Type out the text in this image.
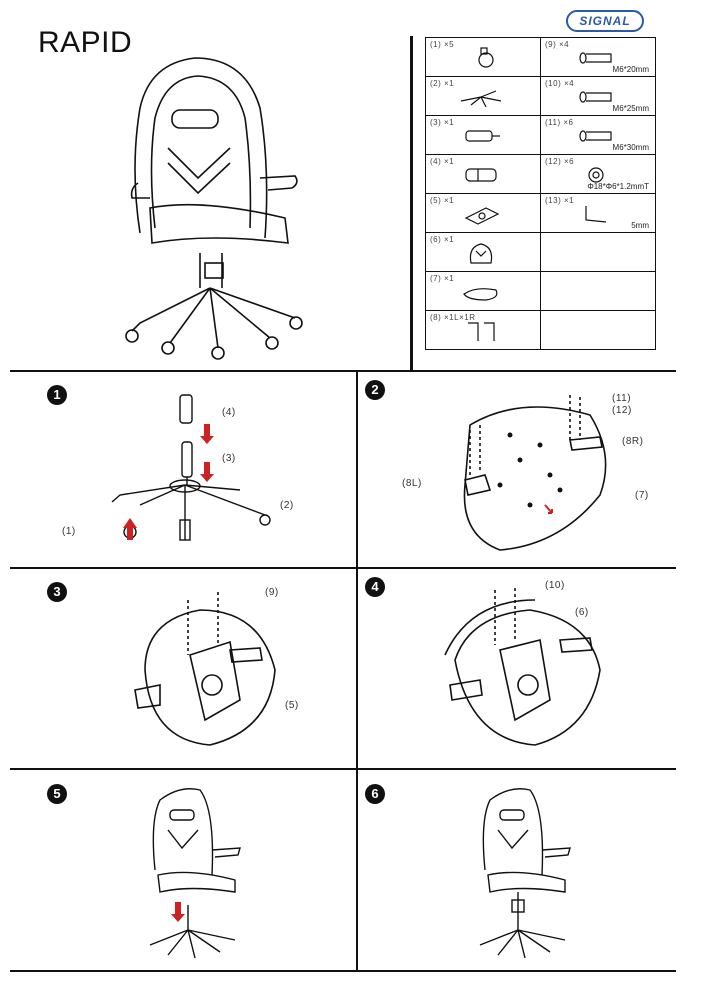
RAPID
SIGNAL
(1) ×5	(9) ×4
M6*20mm

(2) ×1	(10) ×4
M6*25mm

(3) ×1	(11) ×6
M6*30mm

(4) ×1	(12) ×6
Φ18*Φ6*1.2mmT

(5) ×1	(13) ×1
5mm

(6) ×1	

(7) ×1	

(8) ×1L×1R	

1	2
3	4
5	6
(4)
(3)
(2)
(1)
(11)
(12)
(8R)
(8L)
(7)
(9)
(5)
(10)
(6)
